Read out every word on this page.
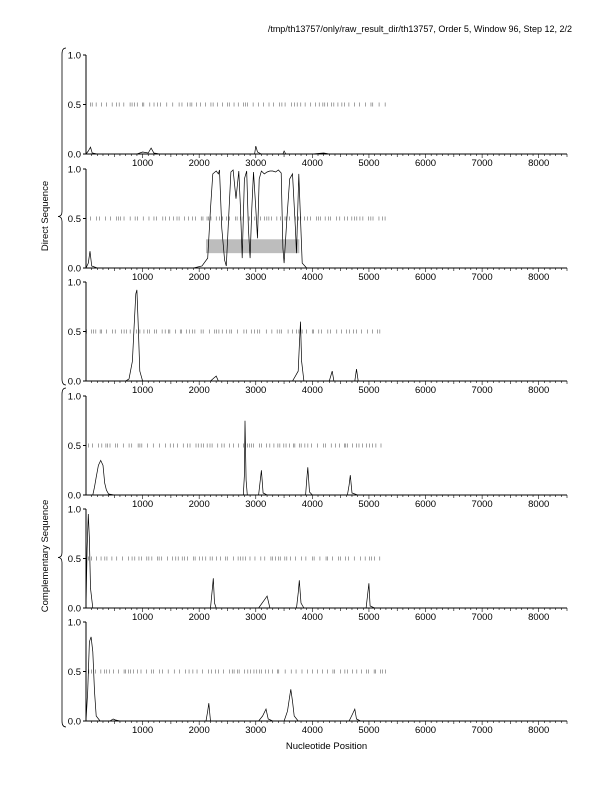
/tmp/th13757/only/raw_result_dir/th13757, Order 5, Window 96, Step 12, 2/2
0.0
0.5
1.0
1000	2000	3000	4000	5000	6000	7000	8000
0.0
0.5
1.0
1000	2000	3000	4000	5000	6000	7000	8000
0.0
0.5
1.0
1000	2000	3000	4000	5000	6000	7000	8000
0.0
0.5
1.0
1000	2000	3000	4000	5000	6000	7000	8000
0.0
0.5
1.0
1000	2000	3000	4000	5000	6000	7000	8000
0.0
0.5
1.0
1000	2000	3000	4000	5000	6000	7000	8000
Direct Sequence
Complementary Sequence
Nucleotide Position
